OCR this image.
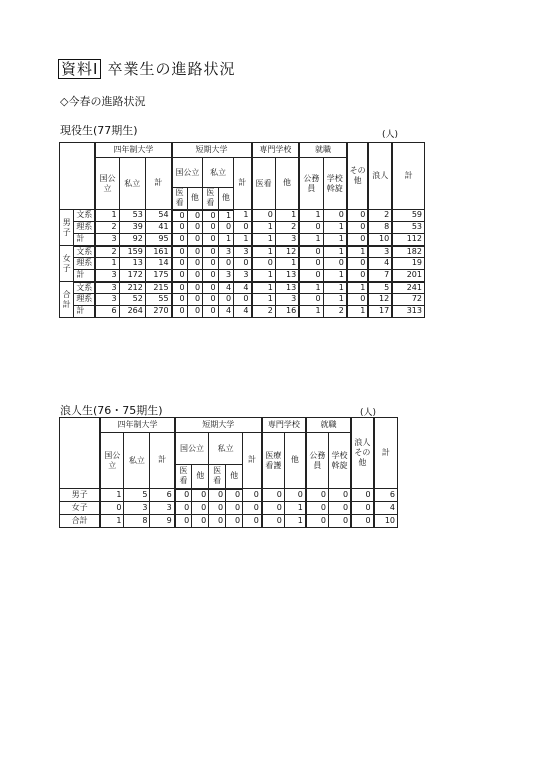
資料Ⅰ 卒業生の進路状況
◇今春の進路状況
現役生(77期生)	(人)
		四年制大学			短期大学					専門学校		就職		その他	浪人	計
		国公立	私立	計	国公立		私立		計	医看	他	公務員	学校斡旋			

					医看	他	医看	他								
男子	文系	1	53	54	0	0	0	1	1	0	1	1	0	0	2	59
	理系	2	39	41	0	0	0	0	0	1	2	0	1	0	8	53
	計	3	92	95	0	0	0	1	1	1	3	1	1	0	10	112
女子	文系	2	159	161	0	0	0	3	3	1	12	0	1	1	3	182
	理系	1	13	14	0	0	0	0	0	0	1	0	0	0	4	19
	計	3	172	175	0	0	0	3	3	1	13	0	1	0	7	201
合計	文系	3	212	215	0	0	0	4	4	1	13	1	1	1	5	241
	理系	3	52	55	0	0	0	0	0	1	3	0	1	0	12	72
	計	6	264	270	0	0	0	4	4	2	16	1	2	1	17	313
浪人生(76・75期生)	(人)
	四年制大学			短期大学					専門学校		就職		浪人その他	計
	国公立	私立	計	国公立		私立		計	医療看護	他	公務員	学校斡旋		
				医看	他	医看	他							
男子	1	5	6	0	0	0	0	0	0	0	0	0	0	6
女子	0	3	3	0	0	0	0	0	0	1	0	0	0	4
合計	1	8	9	0	0	0	0	0	0	1	0	0	0	10
